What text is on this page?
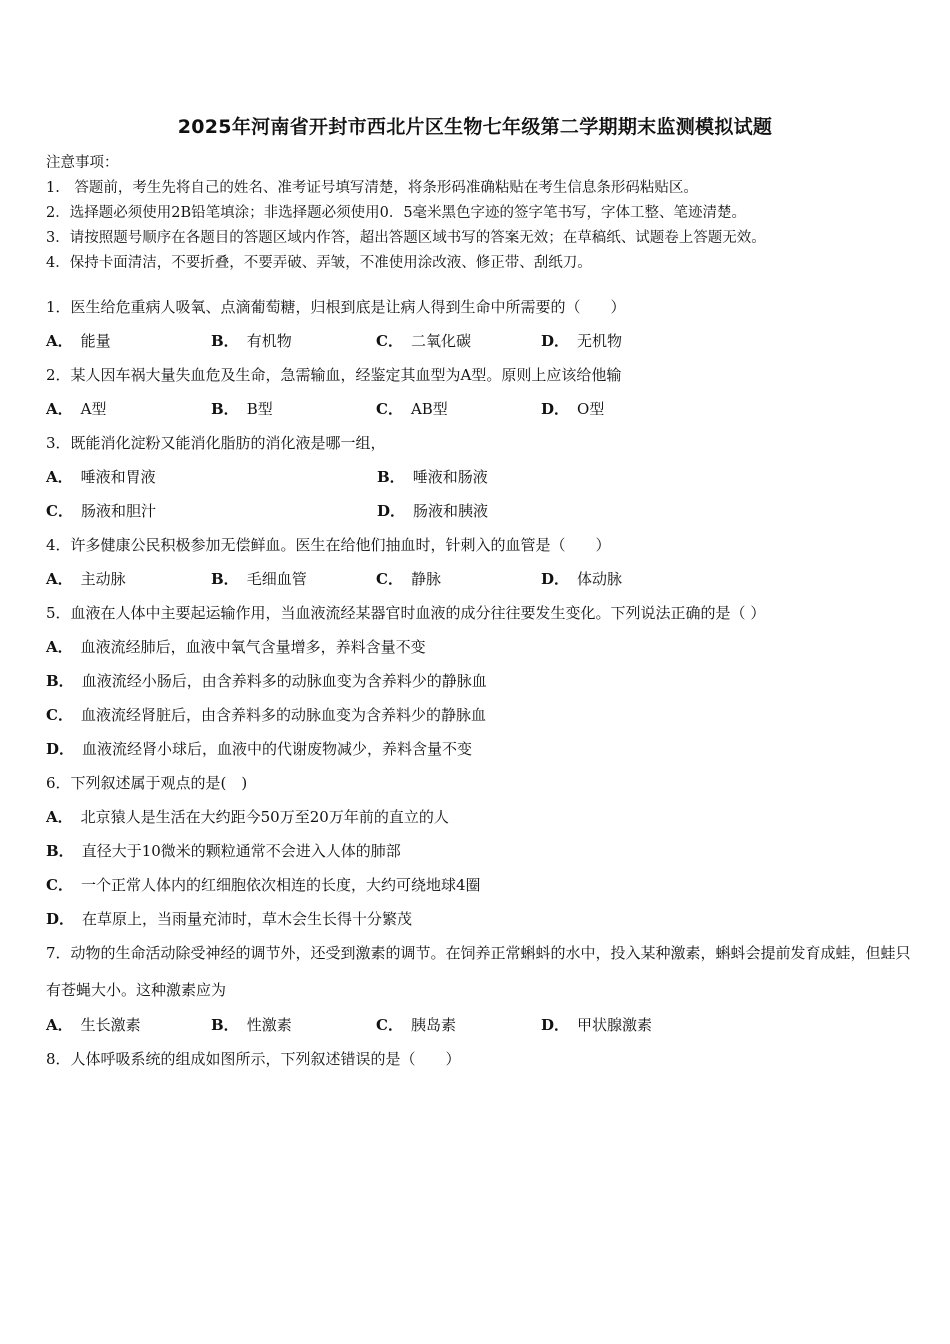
2025年河南省开封市西北片区生物七年级第二学期期末监测模拟试题
注意事项：
1.　答题前，考生先将自己的姓名、准考证号填写清楚，将条形码准确粘贴在考生信息条形码粘贴区。
2．选择题必须使用2B铅笔填涂；非选择题必须使用0．5毫米黑色字迹的签字笔书写，字体工整、笔迹清楚。
3．请按照题号顺序在各题目的答题区域内作答，超出答题区域书写的答案无效；在草稿纸、试题卷上答题无效。
4．保持卡面清洁，不要折叠，不要弄破、弄皱，不准使用涂改液、修正带、刮纸刀。
1．医生给危重病人吸氧、点滴葡萄糖，归根到底是让病人得到生命中所需要的（　　）
A． 能量	B． 有机物	C． 二氧化碳	D． 无机物
2．某人因车祸大量失血危及生命，急需输血，经鉴定其血型为A型。原则上应该给他输
A． A型	B． B型	C． AB型	D． O型
3．既能消化淀粉又能消化脂肪的消化液是哪一组，
A． 唾液和胃液	B． 唾液和肠液
C． 肠液和胆汁	D． 肠液和胰液
4．许多健康公民积极参加无偿鲜血。医生在给他们抽血时，针刺入的血管是（　　）
A． 主动脉	B． 毛细血管	C． 静脉	D． 体动脉
5．血液在人体中主要起运输作用，当血液流经某器官时血液的成分往往要发生变化。下列说法正确的是（ ）
A． 血液流经肺后，血液中氧气含量增多，养料含量不变
B． 血液流经小肠后，由含养料多的动脉血变为含养料少的静脉血
C． 血液流经肾脏后，由含养料多的动脉血变为含养料少的静脉血
D． 血液流经肾小球后，血液中的代谢废物减少，养料含量不变
6．下列叙述属于观点的是(　)
A． 北京猿人是生活在大约距今50万至20万年前的直立的人
B． 直径大于10微米的颗粒通常不会进入人体的肺部
C． 一个正常人体内的红细胞依次相连的长度，大约可绕地球4圈
D． 在草原上，当雨量充沛时，草木会生长得十分繁茂
7．动物的生命活动除受神经的调节外，还受到激素的调节。在饲养正常蝌蚪的水中，投入某种激素，蝌蚪会提前发育成蛙，但蛙只有苍蝇大小。这种激素应为
A． 生长激素	B． 性激素	C． 胰岛素	D． 甲状腺激素
8．人体呼吸系统的组成如图所示，下列叙述错误的是（　　）
